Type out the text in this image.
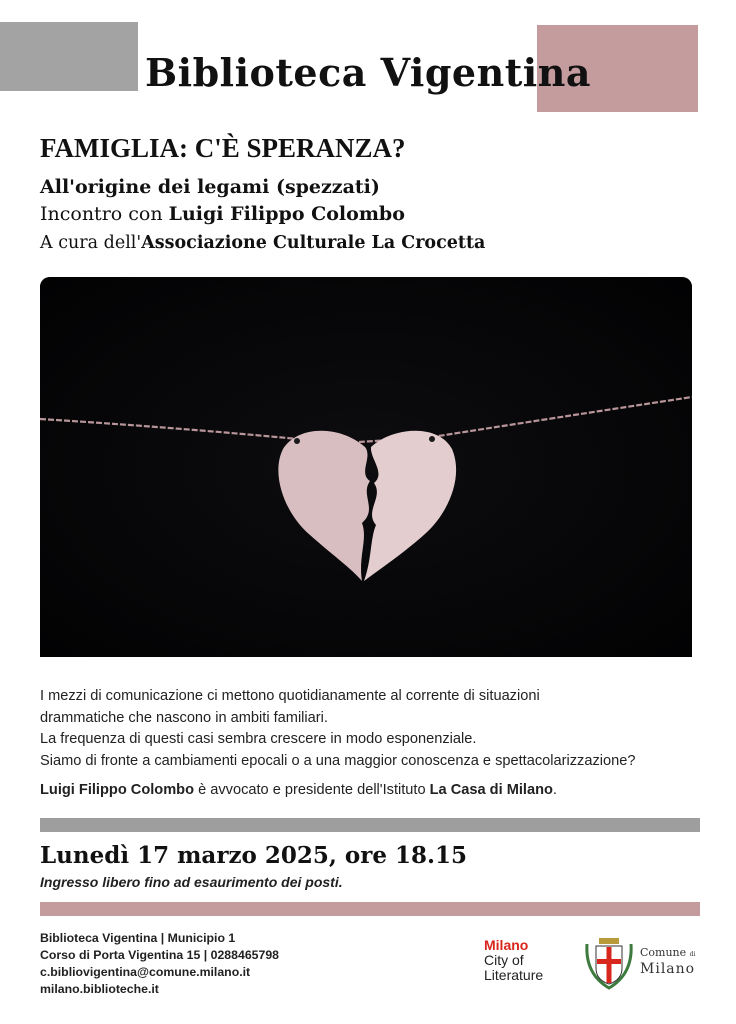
Biblioteca Vigentina
FAMIGLIA: C'È SPERANZA?
All'origine dei legami (spezzati)
Incontro con Luigi Filippo Colombo
A cura dell'Associazione Culturale La Crocetta
I mezzi di comunicazione ci mettono quotidianamente al corrente di situazioni
drammatiche che nascono in ambiti familiari.
La frequenza di questi casi sembra crescere in modo esponenziale.
Siamo di fronte a cambiamenti epocali o a una maggior conoscenza e spettacolarizzazione?
Luigi Filippo Colombo è avvocato e presidente dell'Istituto La Casa di Milano.
Lunedì 17 marzo 2025, ore 18.15
Ingresso libero fino ad esaurimento dei posti.
Biblioteca Vigentina | Municipio 1
Corso di Porta Vigentina 15 | 0288465798
c.bibliovigentina@comune.milano.it
milano.biblioteche.it
Milano
City of
Literature
Comune di
Milano
